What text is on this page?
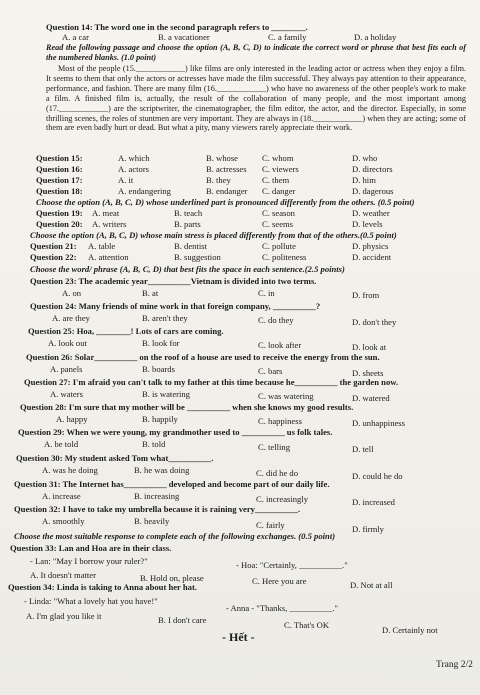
Question 14: The word one in the second paragraph refers to ________.
A. a car	B. a vacationer	C. a family	D. a holiday
Read the following passage and choose the option (A, B, C, D) to indicate the correct word or phrase that best fits each of the numbered blanks. (1.0 point)
Most of the people (15.____________) like films are only interested in the leading actor or actress when they enjoy a film. It seems to them that only the actors or actresses have made the film successful. They always pay attention to their appearance, performance, and fashion. There are many film (16.____________) who have no awareness of the other people's work to make a film. A finished film is, actually, the result of the collaboration of many people, and the most important among (17.____________) are the scriptwriter, the cinematographer, the film editor, the actor, and the director. Especially, in some thrilling scenes, the roles of stuntmen are very important. They are always in (18.____________) when they are acting; some of them are even badly hurt or dead. But what a pity, many viewers rarely appreciate their work.
Question 15:	A. which	B. whose	C. whom	D. who
Question 16:	A. actors	B. actresses C. viewers	D. directors
Question 17:	A. it	B. they	C. them	D. him
Question 18:	A. endangering	B. endanger C. danger	D. dagerous
Choose the option (A, B, C, D) whose underlined part is pronounced differently from the others. (0.5 point)
Question 19: A. meat	B. teach	C. season	D. weather
Question 20: A. writers	B. parts	C. seems	D. levels
Choose the option (A, B, C, D) whose main stress is placed differently from that of the others.(0.5 point)
Question 21: A. table	B. dentist	C. pollute	D. physics
Question 22: A. attention	B. suggestion	C. politeness	D. accident
Choose the word/ phrase (A, B, C, D) that best fits the space in each sentence.(2.5 points)
Question 23: The academic year__________Vietnam is divided into two terms.
A. on	B. at	C. in	D. from
Question 24: Many friends of mine work in that foreign company, __________?
A. are they	B. aren't they	C. do they	D. don't they
Question 25: Hoa, ________! Lots of cars are coming.
A. look out	B. look for	C. look after	D. look at
Question 26: Solar__________ on the roof of a house are used to receive the energy from the sun.
A. panels	B. boards	C. bars	D. sheets
Question 27: I'm afraid you can't talk to my father at this time because he__________ the garden now.
A. waters	B. is watering	C. was watering	D. watered
Question 28: I'm sure that my mother will be __________ when she knows my good results.
A. happy	B. happily	C. happiness	D. unhappiness
Question 29: When we were young, my grandmother used to __________ us folk tales.
A. be told	B. told	C. telling	D. tell
Question 30: My student asked Tom what__________.
A. was he doing	B. he was doing	C. did he do	D. could he do
Question 31: The Internet has__________ developed and become part of our daily life.
A. increase	B. increasing	C. increasingly	D. increased
Question 32: I have to take my umbrella because it is raining very__________.
A. smoothly	B. heavily	C. fairly	D. firmly
Choose the most suitable response to complete each of the following exchanges. (0.5 point)
Question 33: Lan and Hoa are in their class.
- Lan: "May I borrow your ruler?"	- Hoa: "Certainly, __________."
A. It doesn't matter	B. Hold on, please	C. Here you are	D. Not at all
Question 34: Linda is taking to Anna about her hat.
- Linda: "What a lovely hat you have!"
- Anna - "Thanks, __________."
A. I'm glad you like it	B. I don't care	C. That's OK	D. Certainly not
- Hết -
Trang 2/2
